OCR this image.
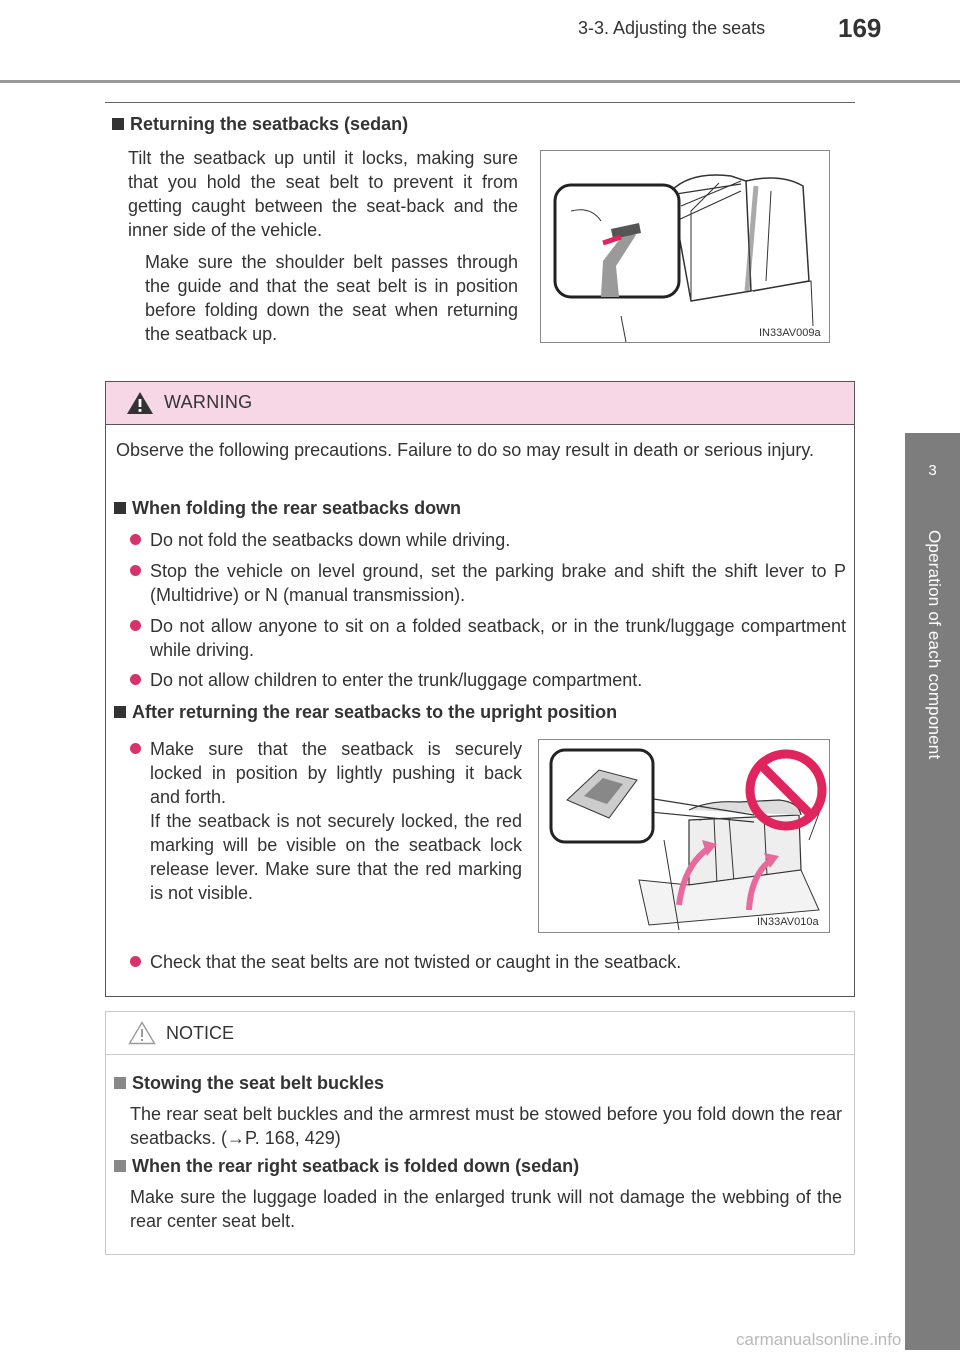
3-3. Adjusting the seats	169
3
Operation of each component
Returning the seatbacks (sedan)
Tilt the seatback up until it locks, making sure that you hold the seat belt to prevent it from getting caught between the seat-back and the inner side of the vehicle.
Make sure the shoulder belt passes through the guide and that the seat belt is in position before folding down the seat when returning the seatback up.	IN33AV009a
WARNING
Observe the following precautions. Failure to do so may result in death or serious injury.
When folding the rear seatbacks down
Do not fold the seatbacks down while driving.
Stop the vehicle on level ground, set the parking brake and shift the shift lever to P (Multidrive) or N (manual transmission).
Do not allow anyone to sit on a folded seatback, or in the trunk/luggage compartment while driving.
Do not allow children to enter the trunk/luggage compartment.
After returning the rear seatbacks to the upright position
Make sure that the seatback is securely locked in position by lightly pushing it back and forth.
If the seatback is not securely locked, the red marking will be visible on the seatback lock release lever. Make sure that the red marking is not visible.
IN33AV010a
Check that the seat belts are not twisted or caught in the seatback.
NOTICE
Stowing the seat belt buckles
The rear seat belt buckles and the armrest must be stowed before you fold down the rear seatbacks. (→P. 168, 429)
When the rear right seatback is folded down (sedan)
Make sure the luggage loaded in the enlarged trunk will not damage the webbing of the rear center seat belt.
carmanualsonline.info
